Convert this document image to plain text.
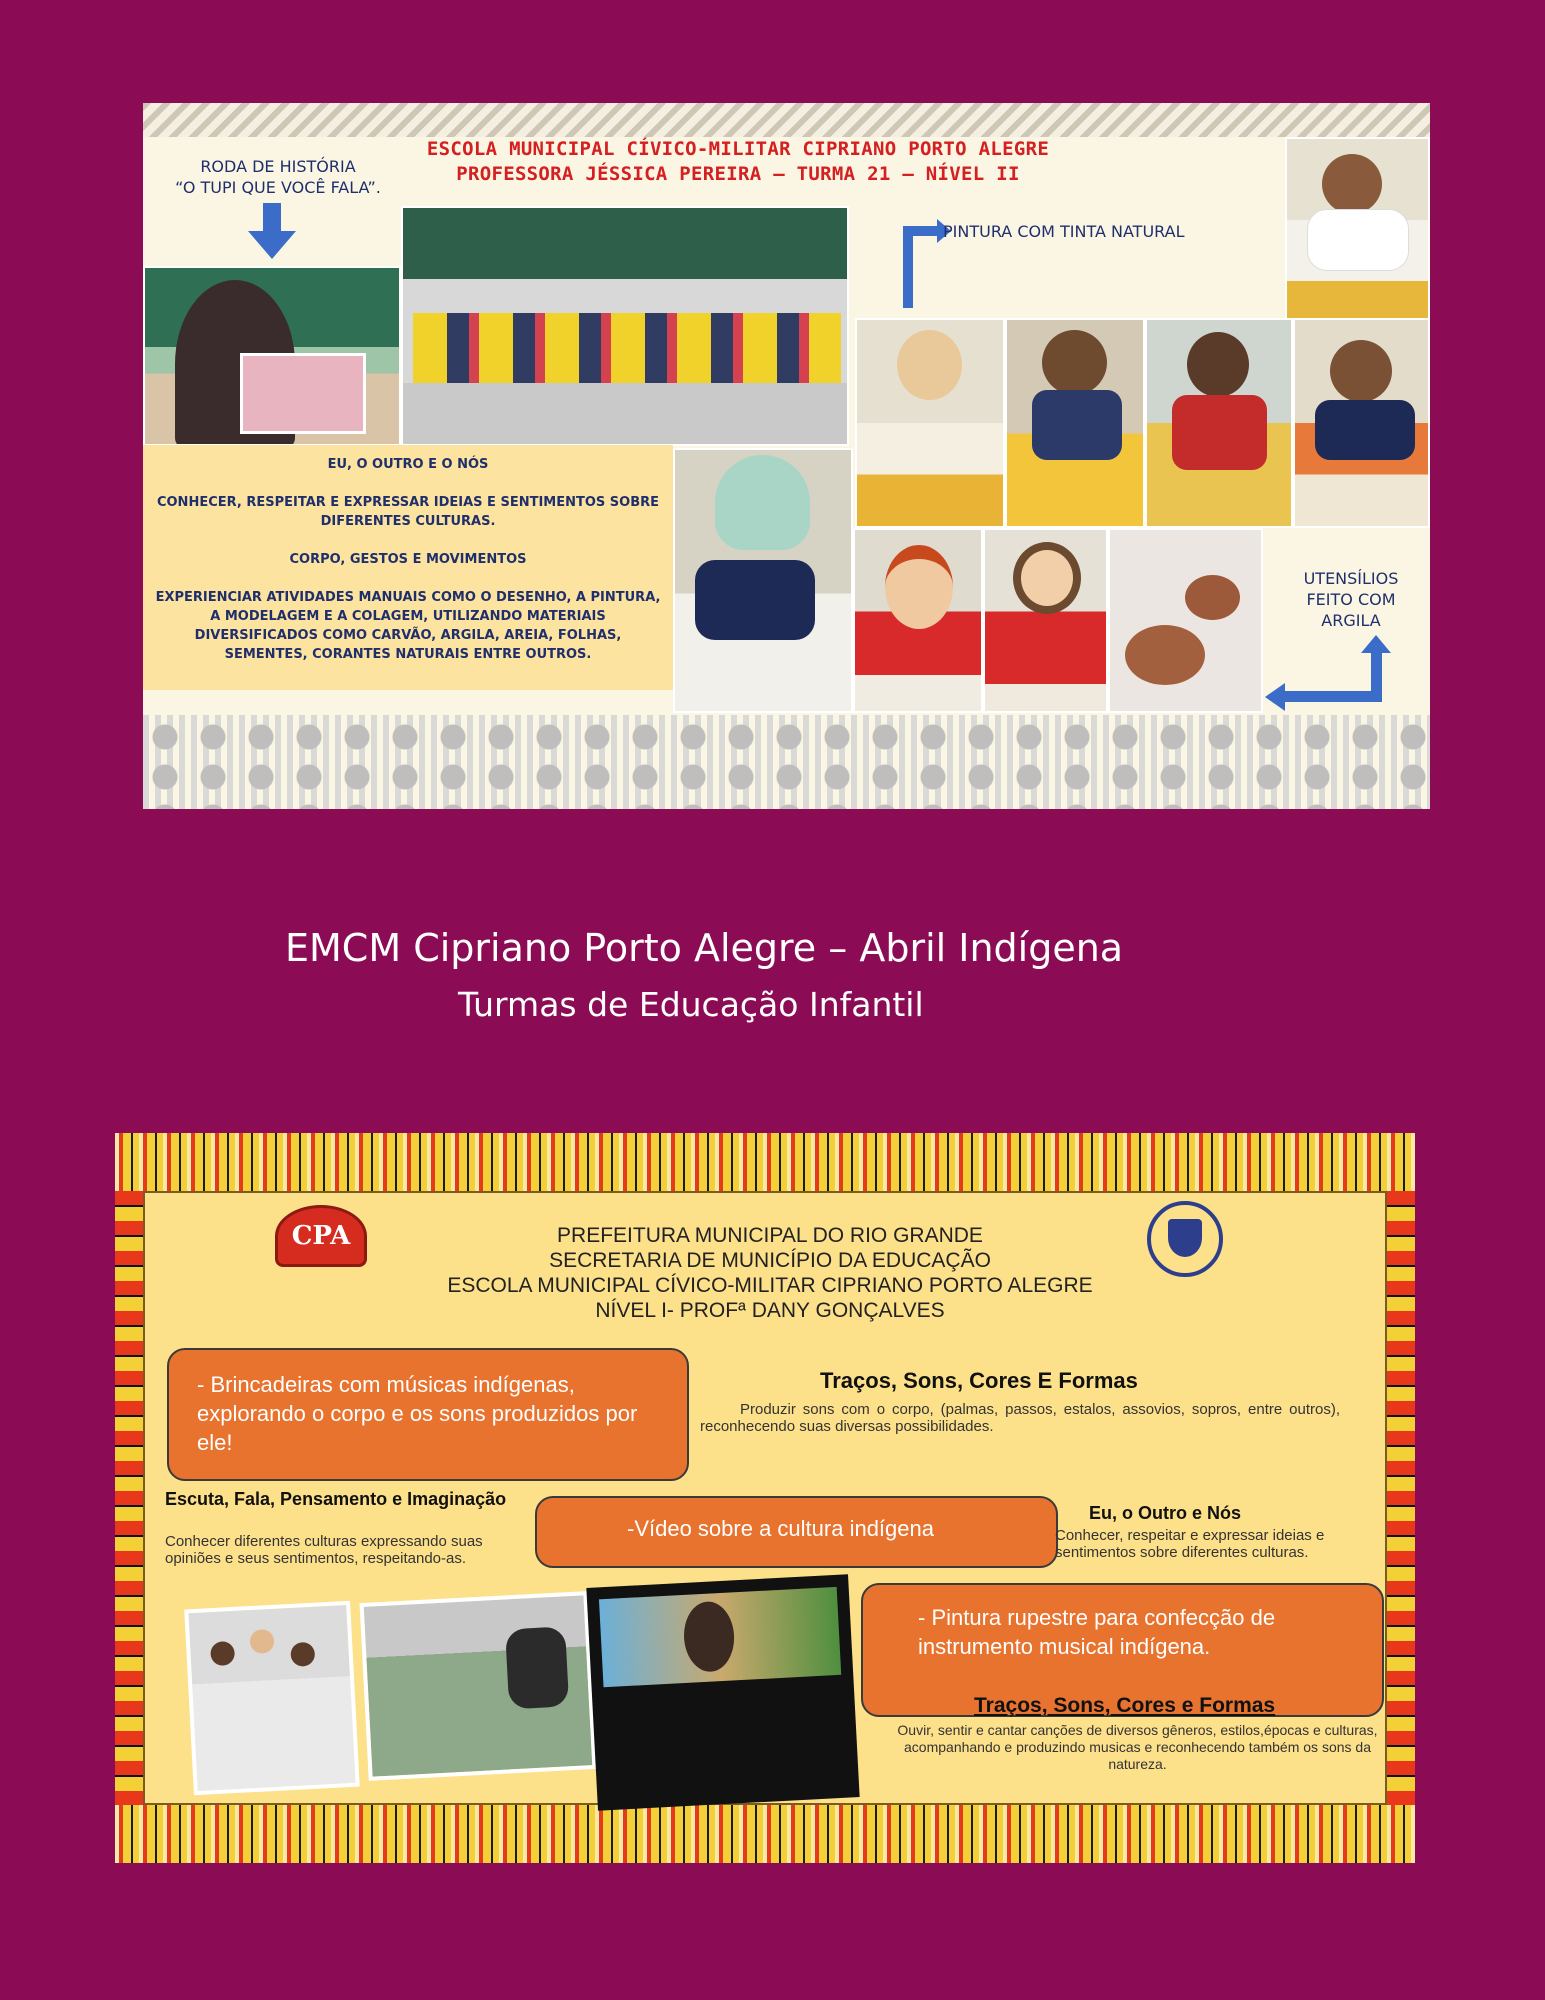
ESCOLA MUNICIPAL CÍVICO-MILITAR CIPRIANO PORTO ALEGRE
PROFESSORA JÉSSICA PEREIRA – TURMA 21 – NÍVEL II
RODA DE HISTÓRIA
“O TUPI QUE VOCÊ FALA”.
PINTURA COM TINTA NATURAL
EU, O OUTRO E O NÓS
CONHECER, RESPEITAR E EXPRESSAR IDEIAS E SENTIMENTOS SOBRE DIFERENTES CULTURAS.
CORPO, GESTOS E MOVIMENTOS
EXPERIENCIAR ATIVIDADES MANUAIS COMO O DESENHO, A PINTURA, A MODELAGEM E A COLAGEM, UTILIZANDO MATERIAIS DIVERSIFICADOS COMO CARVÃO, ARGILA, AREIA, FOLHAS, SEMENTES, CORANTES NATURAIS ENTRE OUTROS.
UTENSÍLIOS
FEITO COM
ARGILA
EMCM Cipriano Porto Alegre – Abril Indígena
Turmas de Educação Infantil
CPA	PREFEITURA MUNICIPAL DO RIO GRANDE
SECRETARIA DE MUNICÍPIO DA EDUCAÇÃO
ESCOLA MUNICIPAL CÍVICO-MILITAR CIPRIANO PORTO ALEGRE
NÍVEL I- PROFª DANY GONÇALVES
- Brincadeiras com músicas indígenas, explorando o corpo e os sons produzidos por ele!
Traços, Sons, Cores E Formas
Produzir sons com o corpo, (palmas, passos, estalos, assovios, sopros, entre outros), reconhecendo suas diversas possibilidades.
Escuta, Fala, Pensamento e Imaginação
Conhecer diferentes culturas expressando suas opiniões e seus sentimentos, respeitando-as.
-Vídeo sobre a cultura indígena
Eu, o Outro e Nós
Conhecer, respeitar e expressar ideias e sentimentos sobre diferentes culturas.
- Pintura rupestre para confecção de instrumento musical indígena.
Traços, Sons, Cores e Formas
Ouvir, sentir e cantar canções de diversos gêneros, estilos,épocas e culturas, acompanhando e produzindo musicas e reconhecendo também os sons da natureza.
